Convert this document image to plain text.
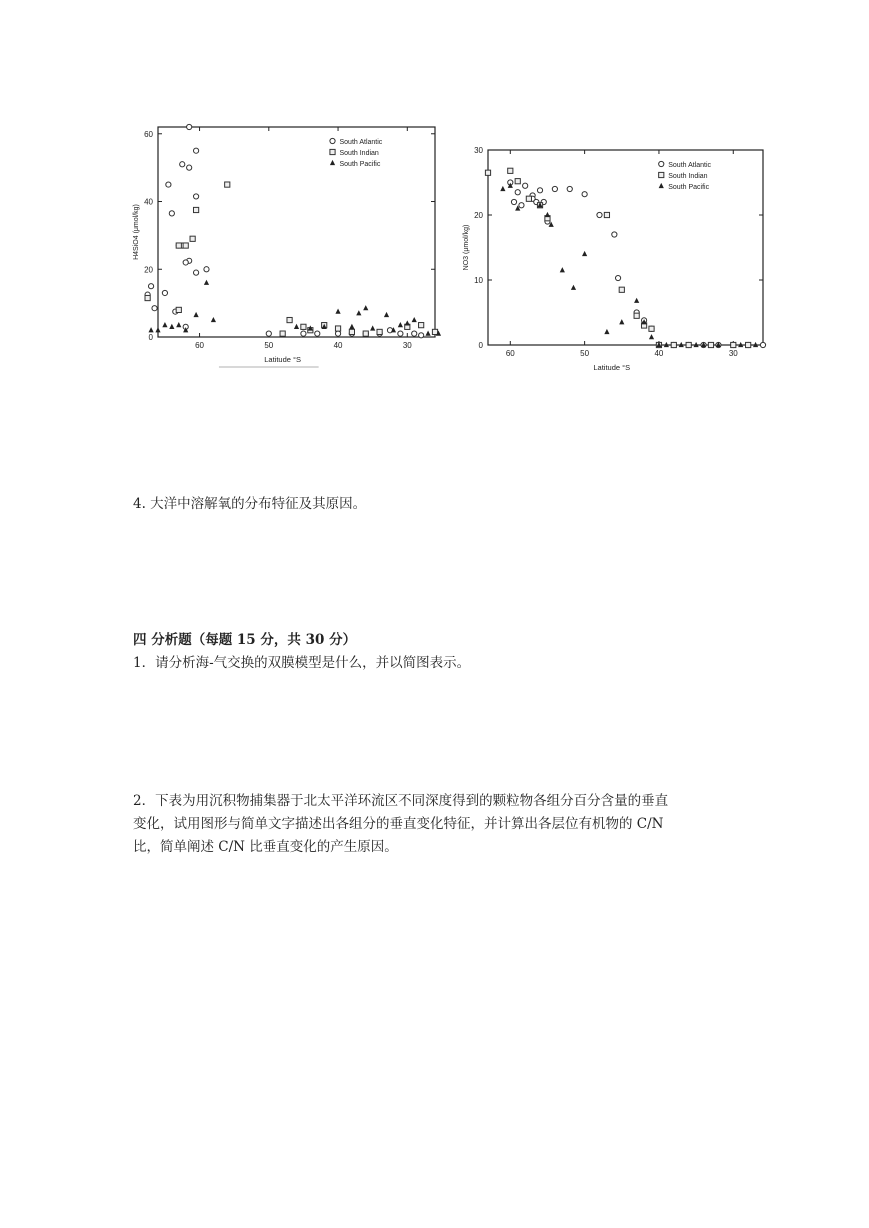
0
20
40
60
60	50	40	30
Latitude °S
H4SiO4 (μmol/kg)
South Atlantic
South Indian
South Pacific
0
10
20
30
60	50	40	30
Latitude °S
NO3 (μmol/kg)
South Atlantic
South Indian
South Pacific
4. 大洋中溶解氧的分布特征及其原因。
四 分析题（每题 15 分，共 30 分）
1．请分析海-气交换的双膜模型是什么，并以简图表示。
2．下表为用沉积物捕集器于北太平洋环流区不同深度得到的颗粒物各组分百分含量的垂直
变化，试用图形与简单文字描述出各组分的垂直变化特征，并计算出各层位有机物的 C/N
比，简单阐述 C/N 比垂直变化的产生原因。
